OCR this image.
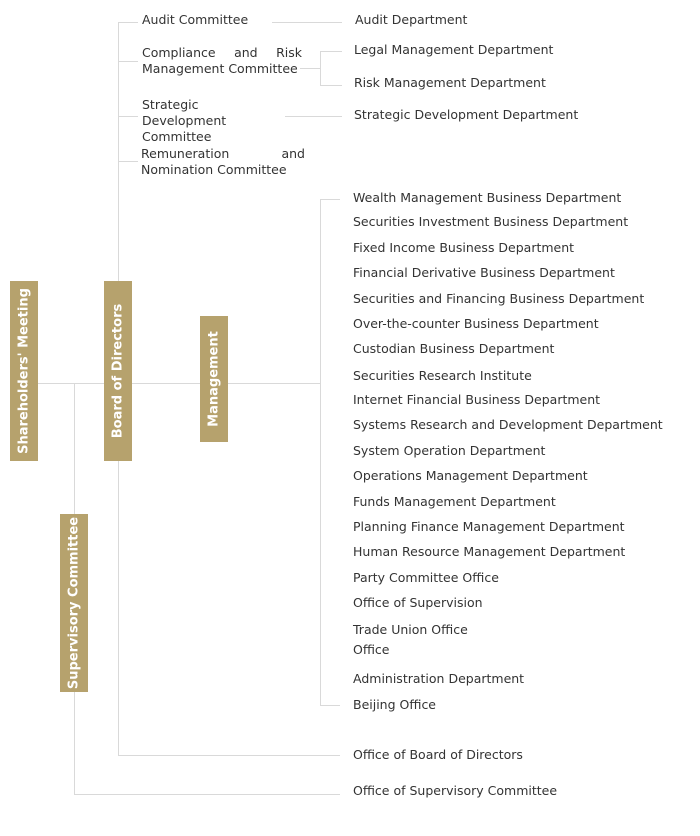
Shareholders' Meeting	Board of Directors	Management
Supervisory Committee
Audit Committee
Compliance and Risk Management Committee
Strategic Development Committee
Remuneration and Nomination Committee
Audit Department
Legal Management Department
Risk Management Department
Strategic Development Department
Wealth Management Business Department
Securities Investment Business Department
Fixed Income Business Department
Financial Derivative Business Department
Securities and Financing Business Department
Over-the-counter Business Department
Custodian Business Department
Securities Research Institute
Internet Financial Business Department
Systems Research and Development Department
System Operation Department
Operations Management Department
Funds Management Department
Planning Finance Management Department
Human Resource Management Department
Party Committee Office
Office of Supervision
Trade Union Office
Office
Administration Department
Beijing Office
Office of Board of Directors
Office of Supervisory Committee
